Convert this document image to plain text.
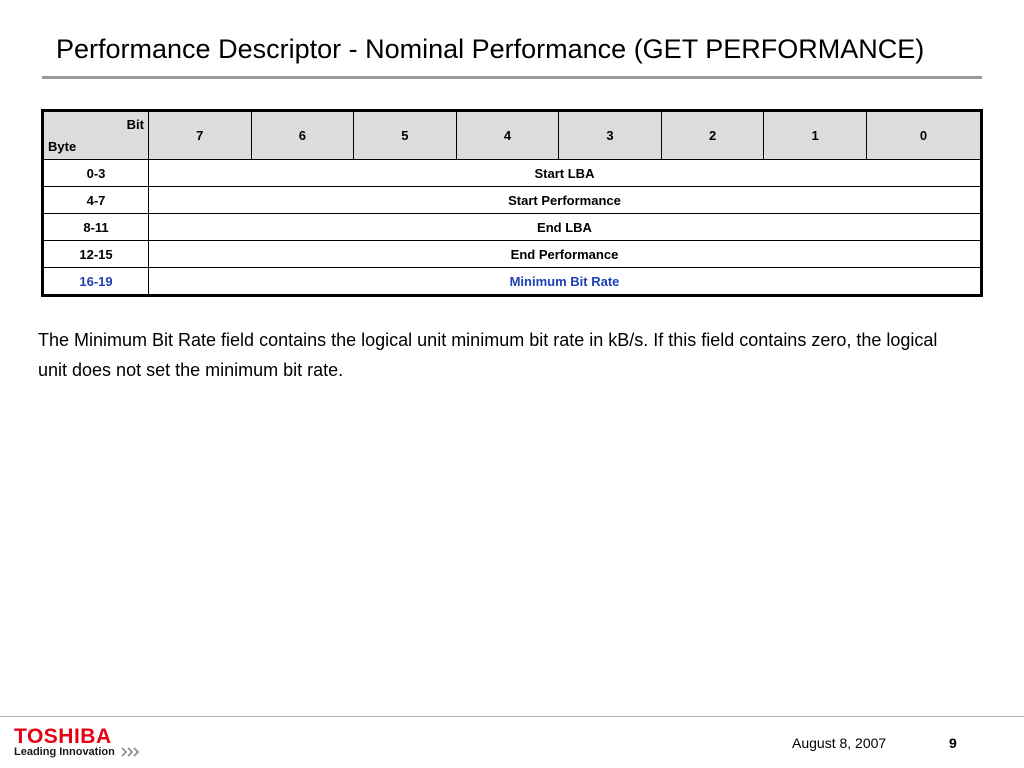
Performance Descriptor - Nominal Performance (GET PERFORMANCE)
Bit
Byte	7	6	5	4	3	2	1	0
0-3	Start LBA							
4-7	Start Performance							
8-11	End LBA							
12-15	End Performance							
16-19	Minimum Bit Rate							
The Minimum Bit Rate field contains the logical unit minimum bit rate in kB/s. If this field contains zero, the logical unit does not set the minimum bit rate.
TOSHIBA
Leading Innovation
August 8, 2007	9
